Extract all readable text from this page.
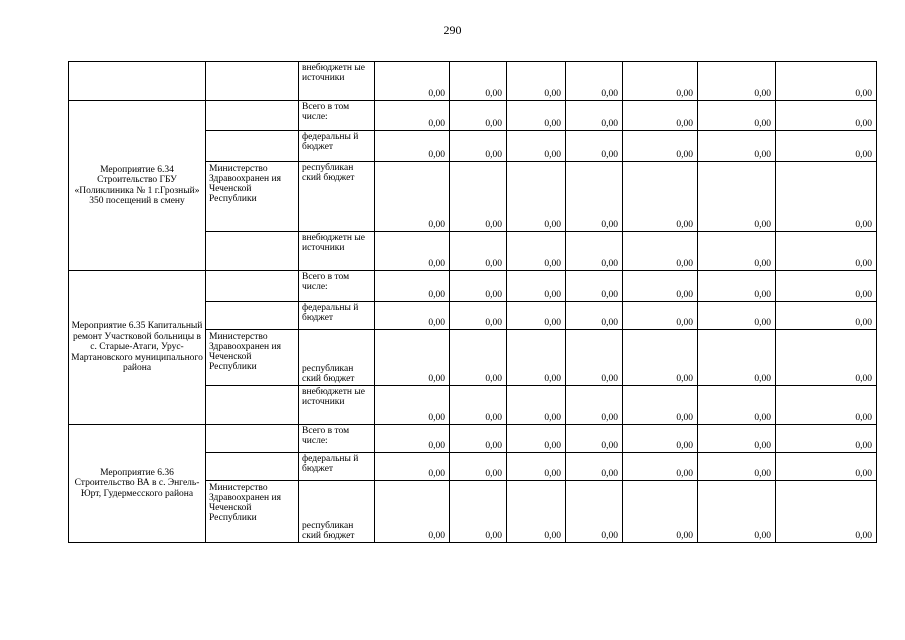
290
		внебюджетн ые источники	0,00	0,00	0,00	0,00	0,00	0,00	0,00
Мероприятие 6.34 Строительство ГБУ «Поликлиника № 1 г.Грозный» 350 посещений в смену		Всего в том числе:	0,00	0,00	0,00	0,00	0,00	0,00	0,00
		федеральны й бюджет	0,00	0,00	0,00	0,00	0,00	0,00	0,00
	Министерство Здравоохранен ия Чеченской Республики	республикан ский бюджет	0,00	0,00	0,00	0,00	0,00	0,00	0,00

		внебюджетн ые источники	0,00	0,00	0,00	0,00	0,00	0,00	0,00
Мероприятие 6.35 Капитальный ремонт Участковой больницы в с. Старые-Атаги, Урус-Мартановского муниципального района		Всего в том числе:	0,00	0,00	0,00	0,00	0,00	0,00	0,00
		федеральны й бюджет	0,00	0,00	0,00	0,00	0,00	0,00	0,00
	Министерство Здравоохранен ия Чеченской Республики	республикан ский бюджет	0,00	0,00	0,00	0,00	0,00	0,00	0,00
		внебюджетн ые источники	0,00	0,00	0,00	0,00	0,00	0,00	0,00
Мероприятие 6.36 Строительство ВА в с. Энгель-Юрт, Гудермесского района		Всего в том числе:	0,00	0,00	0,00	0,00	0,00	0,00	0,00
		федеральны й бюджет	0,00	0,00	0,00	0,00	0,00	0,00	0,00
	Министерство Здравоохранен ия Чеченской Республики	республикан ский бюджет	0,00	0,00	0,00	0,00	0,00	0,00	0,00
